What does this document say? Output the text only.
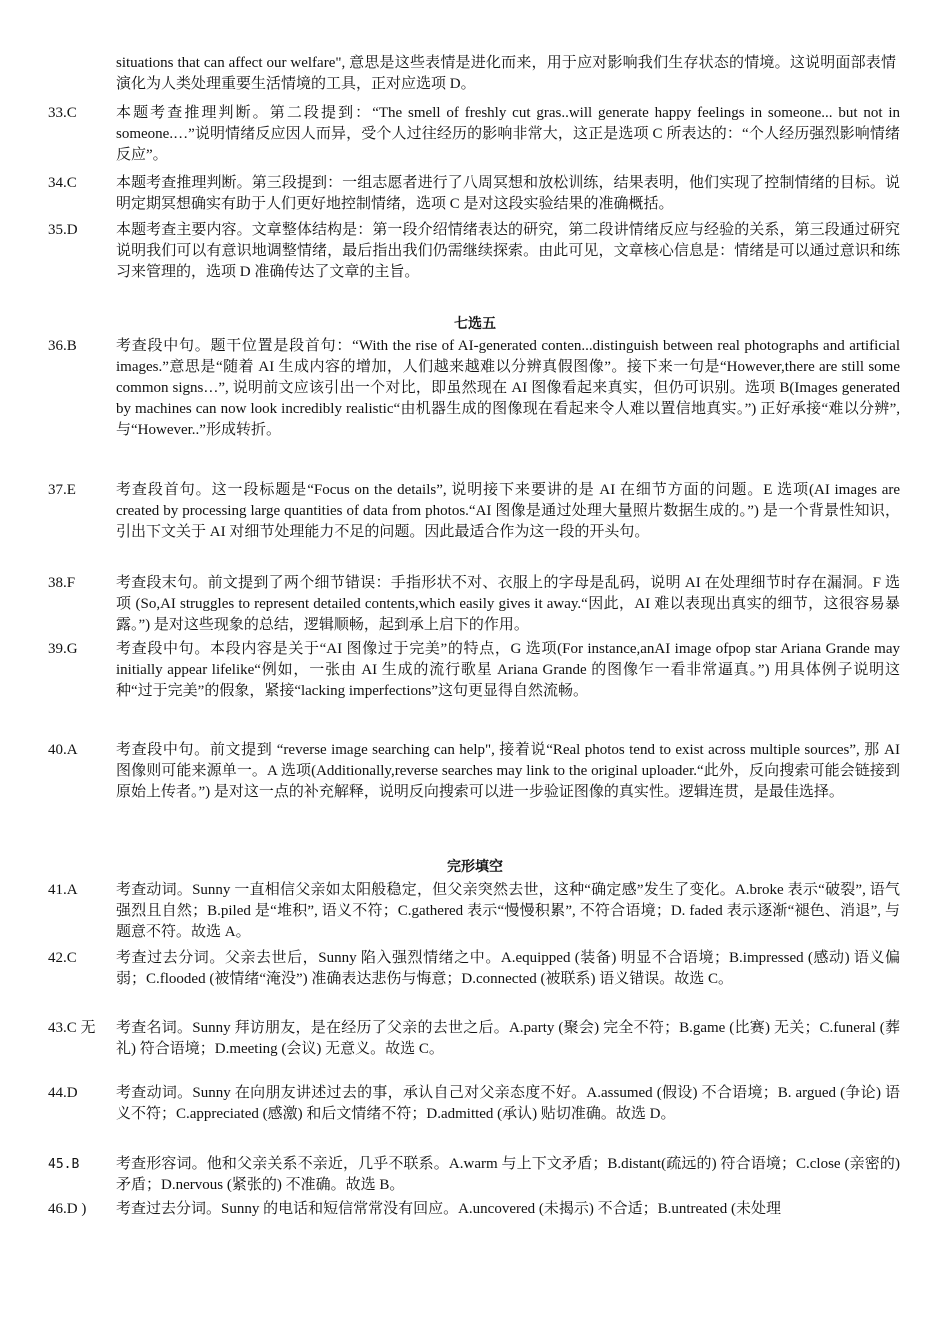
situations that can affect our welfare", 意思是这些表情是进化而来，用于应对影响我们生存状态的情境。这说明面部表情演化为人类处理重要生活情境的工具，正对应选项 D。
33.C	本题考查推理判断。第二段提到：“The smell of freshly cut gras..will generate happy feelings in someone... but not in someone.…”说明情绪反应因人而异，受个人过往经历的影响非常大，这正是选项 C 所表达的：“个人经历强烈影响情绪反应”。
34.C	本题考查推理判断。第三段提到：一组志愿者进行了八周冥想和放松训练，结果表明，他们实现了控制情绪的目标。说明定期冥想确实有助于人们更好地控制情绪，选项 C 是对这段实验结果的准确概括。
35.D	本题考查主要内容。文章整体结构是：第一段介绍情绪表达的研究，第二段讲情绪反应与经验的关系，第三段通过研究说明我们可以有意识地调整情绪，最后指出我们仍需继续探索。由此可见，文章核心信息是：情绪是可以通过意识和练习来管理的，选项 D 准确传达了文章的主旨。
七选五
36.B	考查段中句。题干位置是段首句：“With the rise of AI-generated conten...distinguish between real photographs and artificial images.”意思是“随着 AI 生成内容的增加，人们越来越难以分辨真假图像”。接下来一句是“However,there are still some common signs…”, 说明前文应该引出一个对比，即虽然现在 AI 图像看起来真实，但仍可识别。选项 B(Images generated by machines can now look incredibly realistic“由机器生成的图像现在看起来令人难以置信地真实。”) 正好承接“难以分辨”, 与“However..”形成转折。
37.E	考查段首句。这一段标题是“Focus on the details”, 说明接下来要讲的是 AI 在细节方面的问题。E 选项(AI images are created by processing large quantities of data from photos.“AI 图像是通过处理大量照片数据生成的。”) 是一个背景性知识，引出下文关于 AI 对细节处理能力不足的问题。因此最适合作为这一段的开头句。
38.F	考查段末句。前文提到了两个细节错误：手指形状不对、衣服上的字母是乱码，说明 AI 在处理细节时存在漏洞。F 选项 (So,AI struggles to represent detailed contents,which easily gives it away.“因此，AI 难以表现出真实的细节，这很容易暴露。”) 是对这些现象的总结，逻辑顺畅，起到承上启下的作用。
39.G	考查段中句。本段内容是关于“AI 图像过于完美”的特点，G 选项(For instance,anAI image ofpop star Ariana Grande may initially appear lifelike“例如，一张由 AI 生成的流行歌星 Ariana Grande 的图像乍一看非常逼真。”) 用具体例子说明这种“过于完美”的假象，紧接“lacking imperfections”这句更显得自然流畅。
40.A	考查段中句。前文提到 “reverse image searching can help", 接着说“Real photos tend to exist across multiple sources”, 那 AI 图像则可能来源单一。A 选项(Additionally,reverse searches may link to the original uploader.“此外，反向搜索可能会链接到原始上传者。”) 是对这一点的补充解释，说明反向搜索可以进一步验证图像的真实性。逻辑连贯，是最佳选择。
完形填空
41.A	考查动词。Sunny 一直相信父亲如太阳般稳定，但父亲突然去世，这种“确定感”发生了变化。A.broke 表示“破裂”, 语气强烈且自然；B.piled 是“堆积”, 语义不符；C.gathered 表示“慢慢积累”, 不符合语境；D. faded 表示逐渐“褪色、消退”, 与题意不符。故选 A。
42.C	考查过去分词。父亲去世后，Sunny 陷入强烈情绪之中。A.equipped (装备) 明显不合语境；B.impressed (感动) 语义偏弱；C.flooded (被情绪“淹没”) 准确表达悲伤与悔意；D.connected (被联系) 语义错误。故选 C。
43.C 无	考查名词。Sunny 拜访朋友，是在经历了父亲的去世之后。A.party (聚会) 完全不符；B.game (比赛) 无关；C.funeral (葬礼) 符合语境；D.meeting (会议) 无意义。故选 C。
44.D	考查动词。Sunny 在向朋友讲述过去的事，承认自己对父亲态度不好。A.assumed (假设) 不合语境；B. argued (争论) 语义不符；C.appreciated (感激) 和后文情绪不符；D.admitted (承认) 贴切准确。故选 D。
45.B	考查形容词。他和父亲关系不亲近，几乎不联系。A.warm 与上下文矛盾；B.distant(疏远的) 符合语境；C.close (亲密的) 矛盾；D.nervous (紧张的) 不准确。故选 B。
46.D )	考查过去分词。Sunny 的电话和短信常常没有回应。A.uncovered (未揭示) 不合适；B.untreated (未处理
